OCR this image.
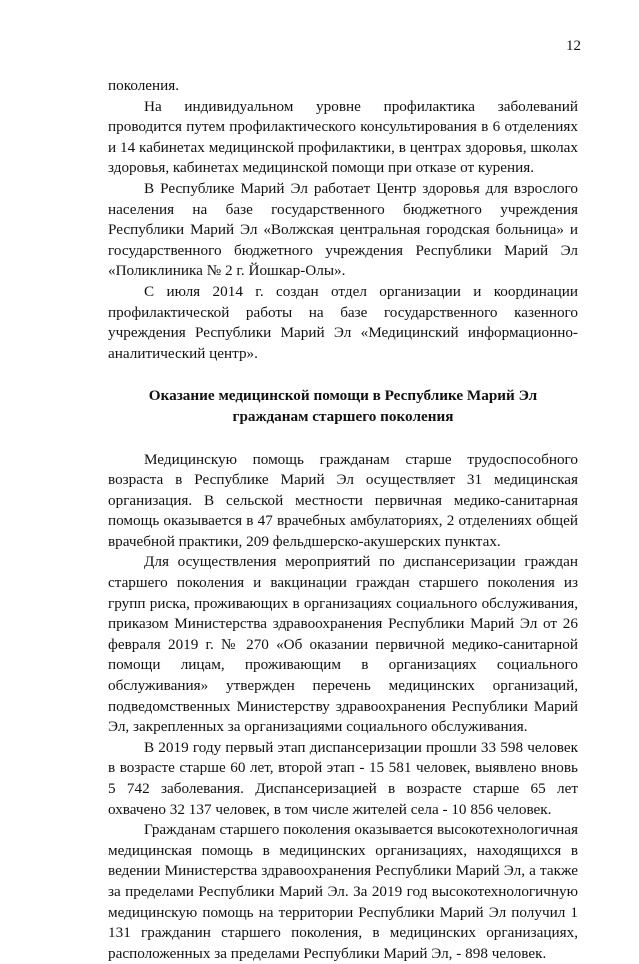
12

поколения.

На индивидуальном уровне профилактика заболеваний проводится путем профилактического консультирования в 6 отделениях и 14 кабинетах медицинской профилактики, в центрах здоровья, школах здоровья, кабинетах медицинской помощи при отказе от курения.

В Республике Марий Эл работает Центр здоровья для взрослого населения на базе государственного бюджетного учреждения Республики Марий Эл «Волжская центральная городская больница» и государственного бюджетного учреждения Республики Марий Эл «Поликлиника № 2 г. Йошкар-Олы».

С июля 2014 г. создан отдел организации и координации профилактической работы на базе государственного казенного учреждения Республики Марий Эл «Медицинский информационно-аналитический центр».

Оказание медицинской помощи в Республике Марий Эл
гражданам старшего поколения

Медицинскую помощь гражданам старше трудоспособного возраста в Республике Марий Эл осуществляет 31 медицинская организация. В сельской местности первичная медико-санитарная помощь оказывается в 47 врачебных амбулаториях, 2 отделениях общей врачебной практики, 209 фельдшерско-акушерских пунктах.

Для осуществления мероприятий по диспансеризации граждан старшего поколения и вакцинации граждан старшего поколения из групп риска, проживающих в организациях социального обслуживания, приказом Министерства здравоохранения Республики Марий Эл от 26 февраля 2019 г. № 270 «Об оказании первичной медико-санитарной помощи лицам, проживающим в организациях социального обслуживания» утвержден перечень медицинских организаций, подведомственных Министерству здравоохранения Республики Марий Эл, закрепленных за организациями социального обслуживания.

В 2019 году первый этап диспансеризации прошли 33 598 человек в возрасте старше 60 лет, второй этап - 15 581 человек, выявлено вновь 5 742 заболевания. Диспансеризацией в возрасте старше 65 лет охвачено 32 137 человек, в том числе жителей села - 10 856 человек.

Гражданам старшего поколения оказывается высокотехнологичная медицинская помощь в медицинских организациях, находящихся в ведении Министерства здравоохранения Республики Марий Эл, а также за пределами Республики Марий Эл. За 2019 год высокотехнологичную медицинскую помощь на территории Республики Марий Эл получил 1 131 гражданин старшего поколения, в медицинских организациях, расположенных за пределами Республики Марий Эл, - 898 человек.
